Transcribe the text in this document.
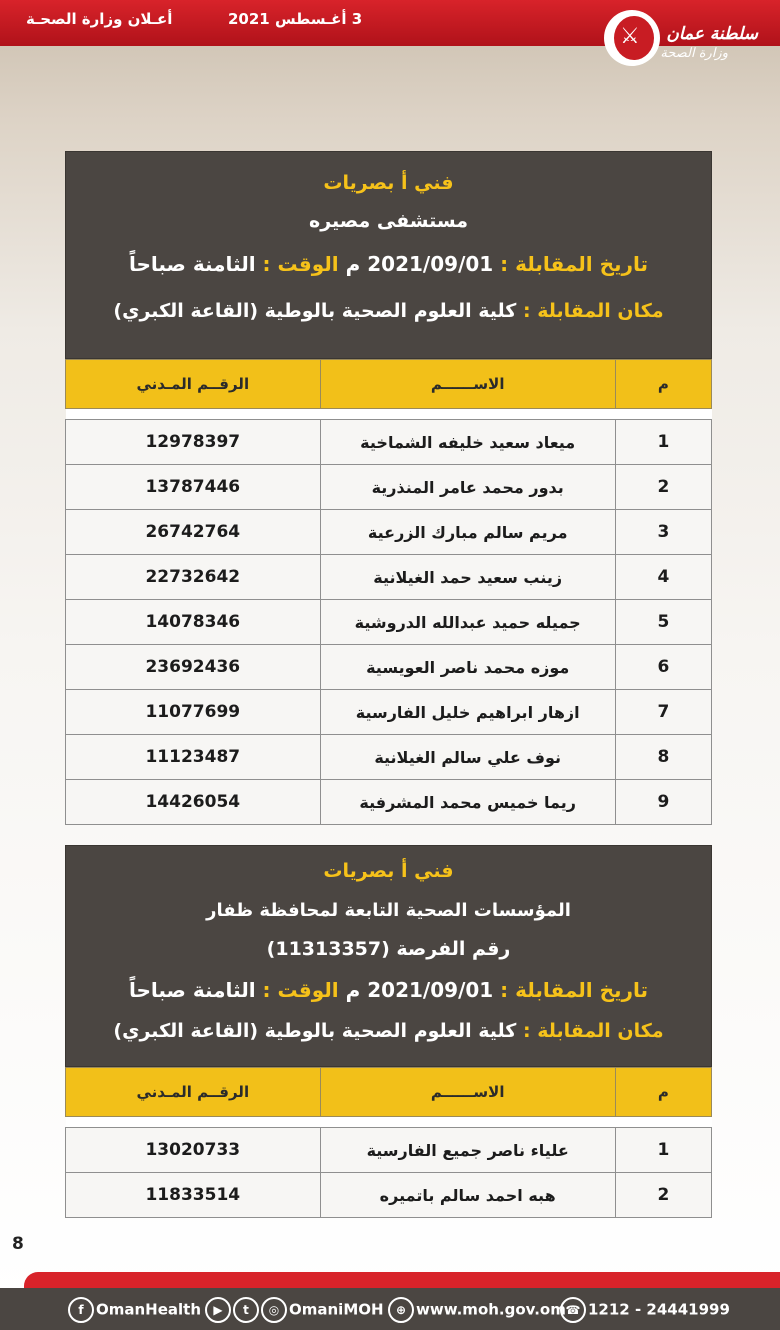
أعـلان وزارة الصحـة	3 أغـسطس 2021
⚔ سلطنة عمان
وزارة الصحة
فني أ بصريات
مستشفى مصيره
تاريخ المقابلة : 2021/09/01 م الوقت : الثامنة صباحاً
مكان المقابلة : كلية العلوم الصحية بالوطية (القاعة الكبري)
م	الاســــــم	الرقــم المـدني

1	ميعاد سعيد خليفه الشماخية	12978397
2	بدور محمد عامر المنذرية	13787446
3	مريم سالم مبارك الزرعية	26742764
4	زينب سعيد حمد الغيلانية	22732642
5	جميله حميد عبدالله الدروشية	14078346
6	موزه محمد ناصر العويسية	23692436
7	ازهار ابراهيم خليل الفارسية	11077699
8	نوف علي سالم الغيلانية	11123487
9	ريما خميس محمد المشرفية	14426054
فني أ بصريات
المؤسسات الصحية التابعة لمحافظة ظفار
رقم الفرصة (11313357)
تاريخ المقابلة : 2021/09/01 م الوقت : الثامنة صباحاً
مكان المقابلة : كلية العلوم الصحية بالوطية (القاعة الكبري)
م	الاســــــم	الرقــم المـدني

1	علياء ناصر جميع الفارسية	13020733
2	هبه احمد سالم باتميره	11833514
8
f OmanHealth	▶ t ◎ OmaniMOH	⊕ www.moh.gov.om ☎ 1212 - 24441999
